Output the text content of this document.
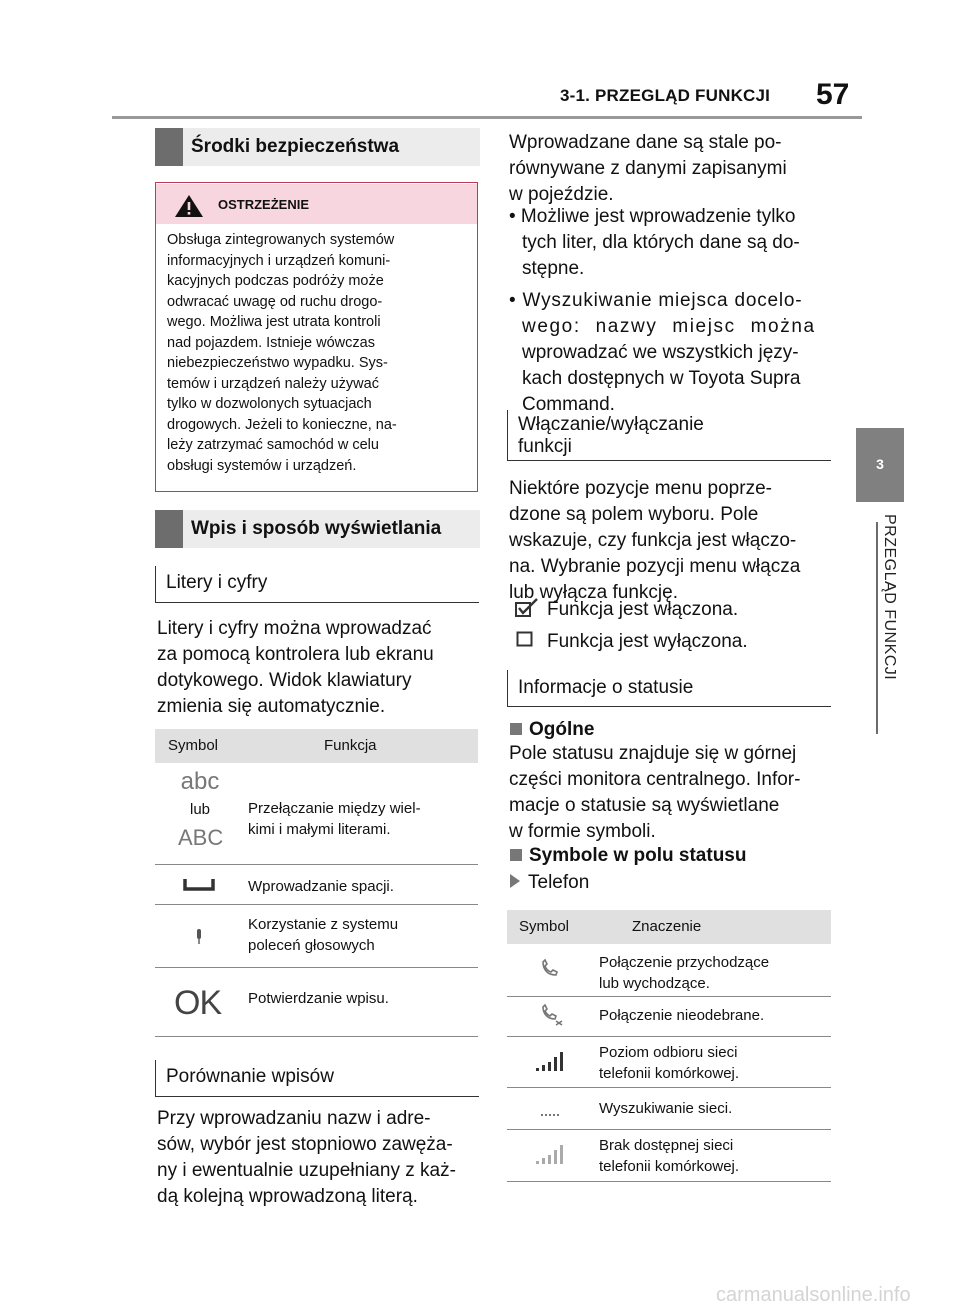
3-1. PRZEGLĄD FUNKCJI 57
3
PRZEGLĄD FUNKCJI
Środki bezpieczeństwa
OSTRZEŻENIE
Obsługa zintegrowanych systemów
informacyjnych i urządzeń komuni-
kacyjnych podczas podróży może
odwracać uwagę od ruchu drogo-
wego. Możliwa jest utrata kontroli
nad pojazdem. Istnieje wówczas
niebezpieczeństwo wypadku. Sys-
temów i urządzeń należy używać
tylko w dozwolonych sytuacjach
drogowych. Jeżeli to konieczne, na-
leży zatrzymać samochód w celu
obsługi systemów i urządzeń.
Wpis i sposób wyświetlania
Litery i cyfry
Litery i cyfry można wprowadzać
za pomocą kontrolera lub ekranu
dotykowego. Widok klawiatury
zmienia się automatycznie.
Symbol	Funkcja
abc
lub
ABC
Przełączanie między wiel-
kimi i małymi literami.
Wprowadzanie spacji.
Korzystanie z systemu
poleceń głosowych
OK Potwierdzanie wpisu.
Porównanie wpisów
Przy wprowadzaniu nazw i adre-
sów, wybór jest stopniowo zawęża-
ny i ewentualnie uzupełniany z każ-
dą kolejną wprowadzoną literą.
Wprowadzane dane są stale po-
równywane z danymi zapisanymi
w pojeździe.
• Możliwe jest wprowadzenie tylko
tych liter, dla których dane są do-
stępne.
• Wyszukiwanie miejsca docelo-
wego: nazwy miejsc można
wprowadzać we wszystkich języ-
kach dostępnych w Toyota Supra
Command.
Włączanie/wyłączanie
funkcji
Niektóre pozycje menu poprze-
dzone są polem wyboru. Pole
wskazuje, czy funkcja jest włączo-
na. Wybranie pozycji menu włącza
lub wyłącza funkcję.
Funkcja jest włączona.
Funkcja jest wyłączona.
Informacje o statusie
Ogólne
Pole statusu znajduje się w górnej
części monitora centralnego. Infor-
macje o statusie są wyświetlane
w formie symboli.
Symbole w polu statusu
Telefon
Symbol	Znaczenie
Połączenie przychodzące
lub wychodzące.
Połączenie nieodebrane.
Poziom odbioru sieci
telefonii komórkowej.
Wyszukiwanie sieci.
Brak dostępnej sieci
telefonii komórkowej.
carmanualsonline.info
